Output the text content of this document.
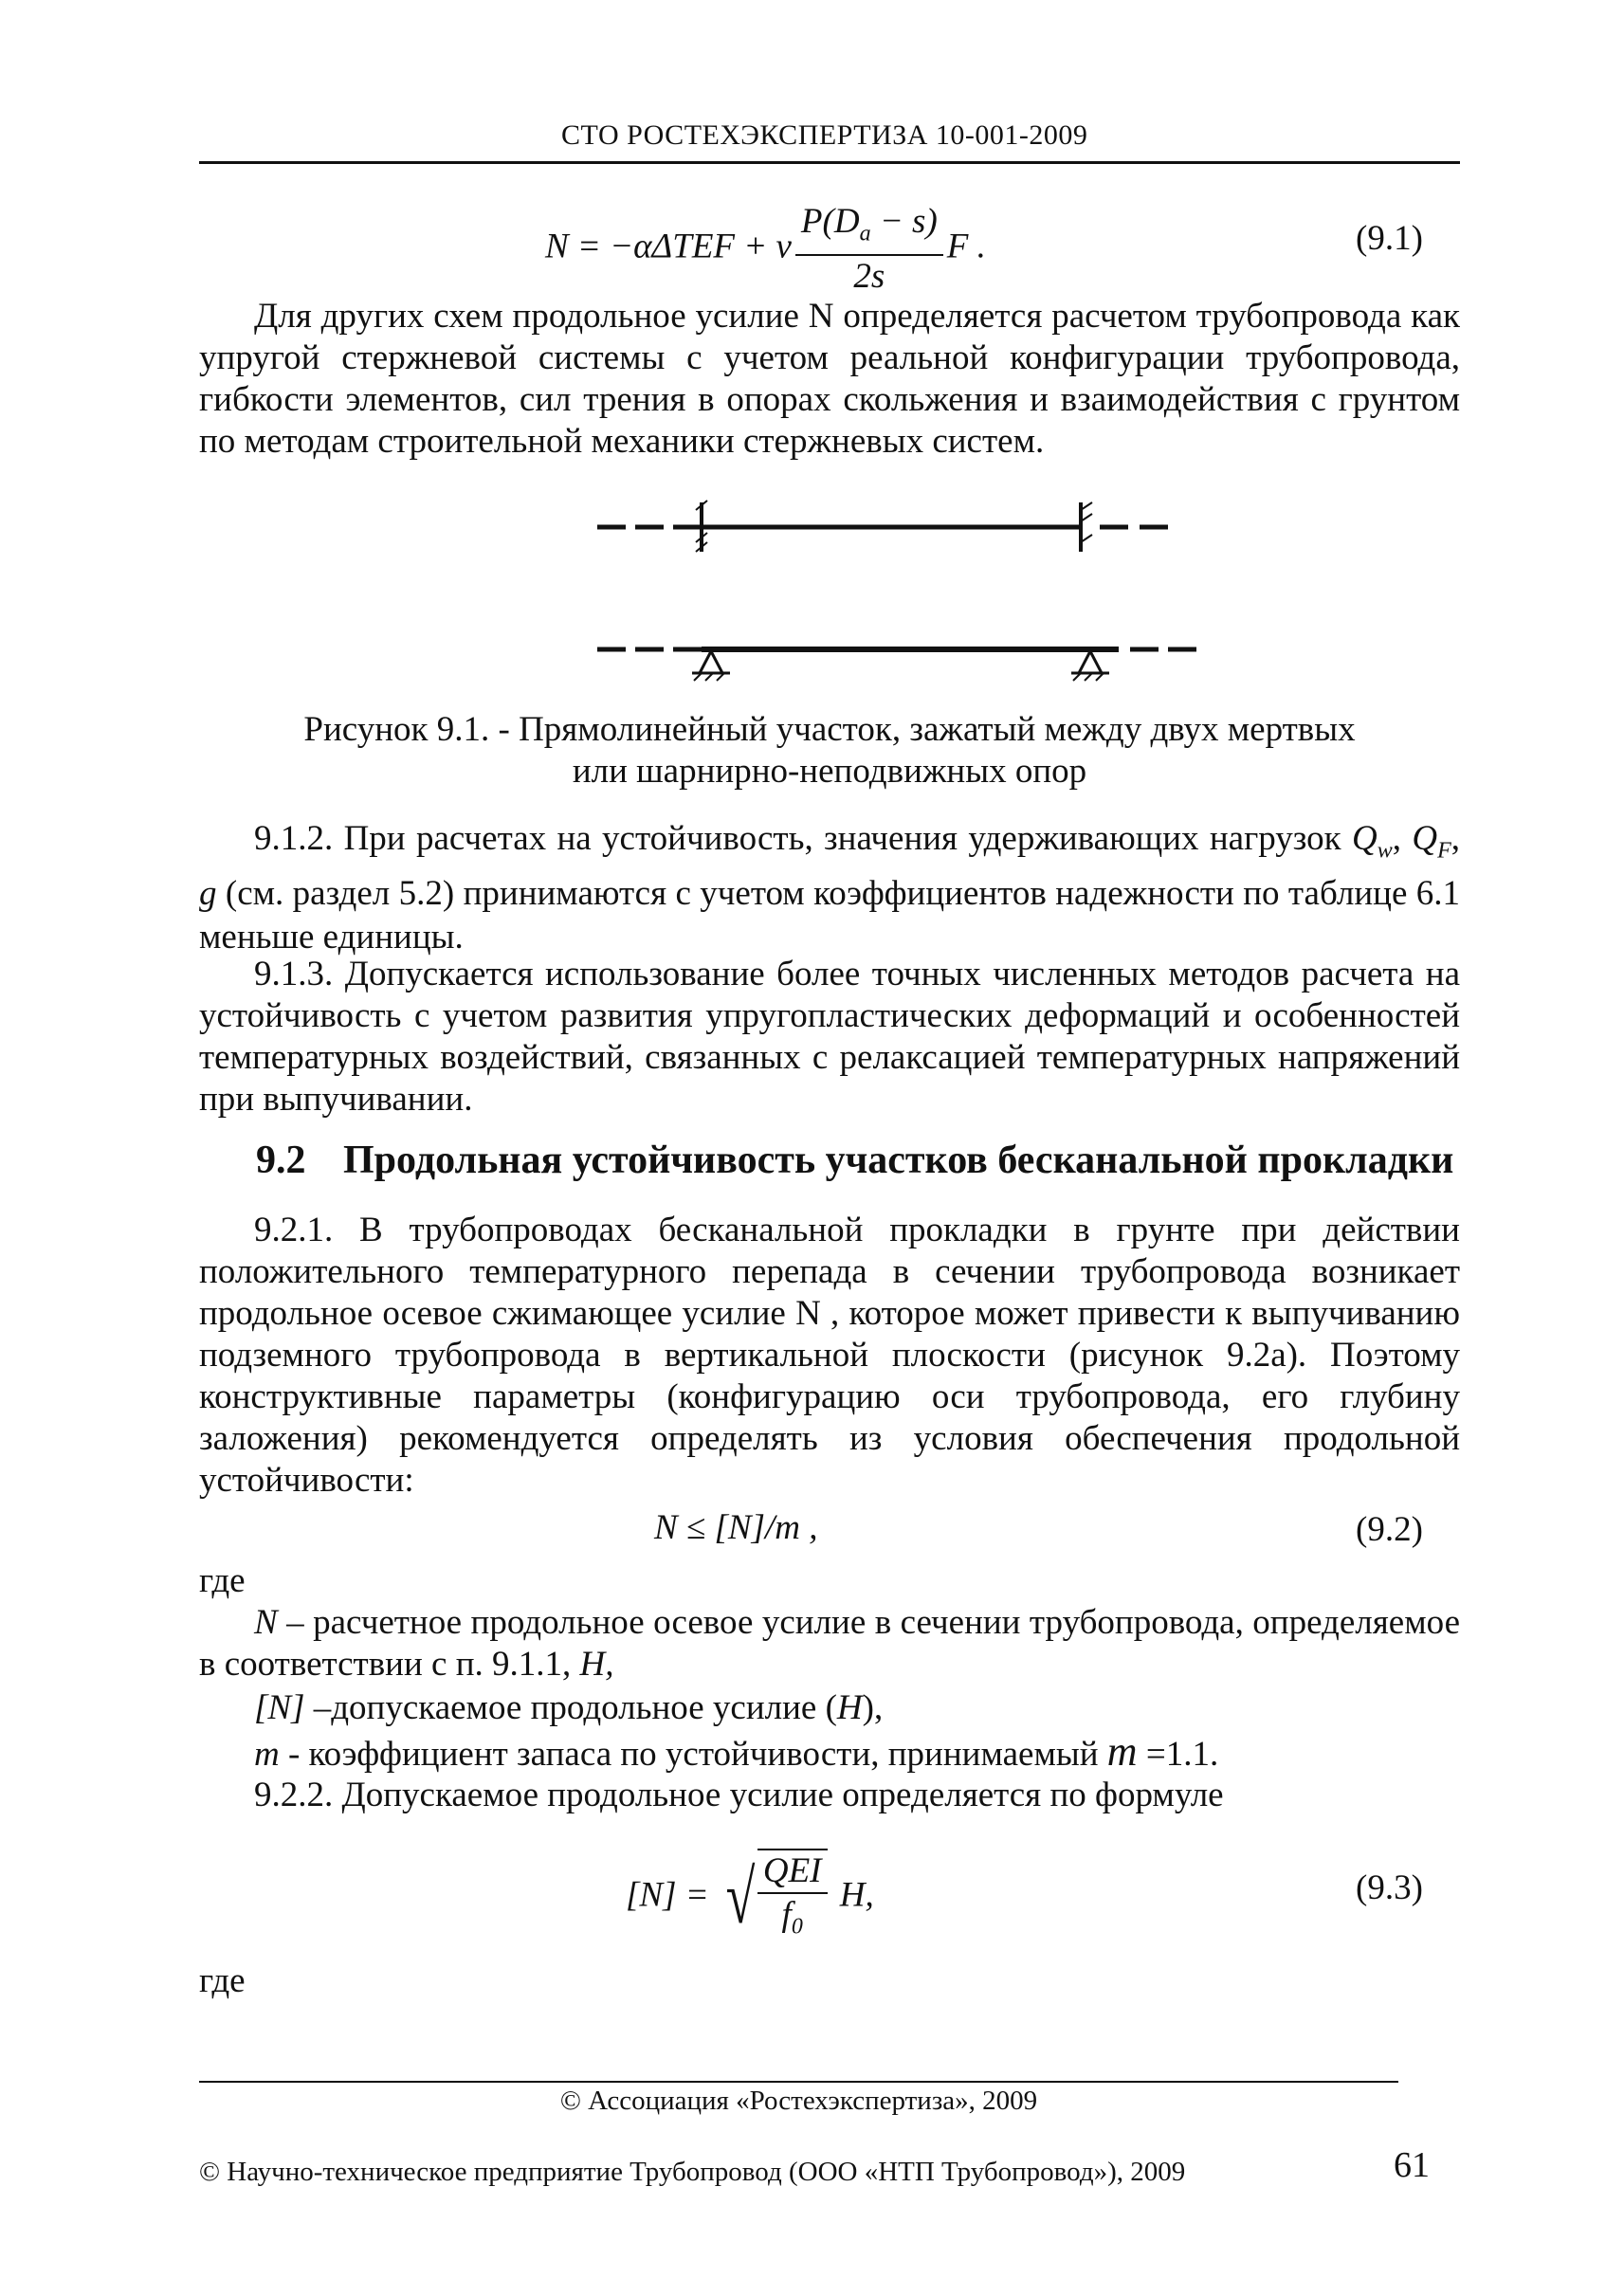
СТО РОСТЕХЭКСПЕРТИЗА 10-001-2009
N = −αΔTEF + ν $\frac{P(D_a - s)}{2s}$ F .	(9.1)
Для других схем продольное усилие N определяется расчетом трубопровода как упругой стержневой системы с учетом реальной конфигурации трубопровода, гибкости элементов, сил трения в опорах скольжения и взаимодействия с грунтом по методам строительной механики стержневых систем.
Рисунок 9.1. - Прямолинейный участок, зажатый между двух мертвых
или шарнирно-неподвижных опор
9.1.2. При расчетах на устойчивость, значения удерживающих нагрузок $Q_w$, $Q_F$, g (см. раздел 5.2) принимаются с учетом коэффициентов надежности по таблице 6.1 меньше единицы.
9.1.3. Допускается использование более точных численных методов расчета на устойчивость с учетом развития упругопластических деформаций и особенностей температурных воздействий, связанных с релаксацией температурных напряжений при выпучивании.
9.2 Продольная устойчивость участков бесканальной прокладки
9.2.1. В трубопроводах бесканальной прокладки в грунте при действии положительного температурного перепада в сечении трубопровода возникает продольное осевое сжимающее усилие N , которое может привести к выпучиванию подземного трубопровода в вертикальной плоскости (рисунок 9.2а). Поэтому конструктивные параметры (конфигурацию оси трубопровода, его глубину заложения) рекомендуется определять из условия обеспечения продольной устойчивости:
N ≤ [N]/m ,	(9.2)
где
N – расчетное продольное осевое усилие в сечении трубопровода, определяемое в соответствии с п. 9.1.1, Н,
[N] –допускаемое продольное усилие (Н),
m - коэффициент запаса по устойчивости, принимаемый m =1.1.
9.2.2. Допускаемое продольное усилие определяется по формуле
[N] = √ $\frac{\text{QEI}}{f_0} H$,	(9.3)
где
© Ассоциация «Ростехэкспертиза», 2009
© Научно-техническое предприятие Трубопровод (ООО «НТП Трубопровод»), 2009	61
